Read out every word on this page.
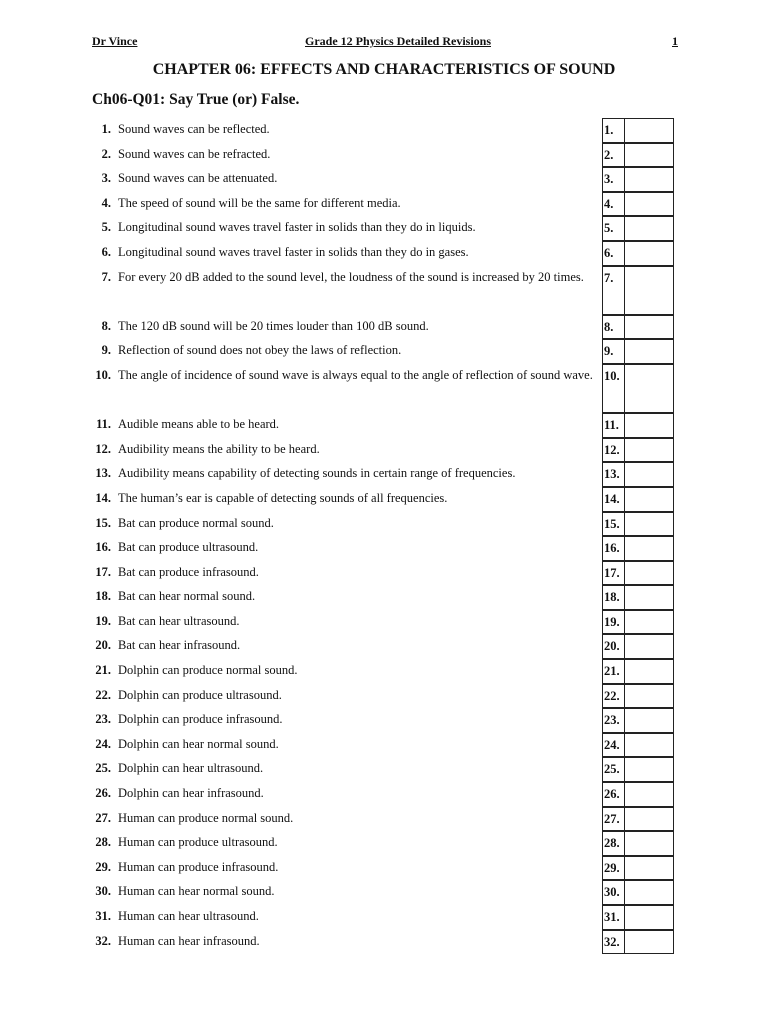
Dr Vince	Grade 12 Physics Detailed Revisions	1
CHAPTER 06: EFFECTS AND CHARACTERISTICS OF SOUND
Ch06-Q01: Say True (or) False.
1. Sound waves can be reflected.	1.
2. Sound waves can be refracted.	2.
3. Sound waves can be attenuated.	3.
4. The speed of sound will be the same for different media.	4.
5. Longitudinal sound waves travel faster in solids than they do in liquids.	5.
6. Longitudinal sound waves travel faster in solids than they do in gases.	6.
7. For every 20 dB added to the sound level, the loudness of the sound is increased by 20 times.	7.
8. The 120 dB sound will be 20 times louder than 100 dB sound.	8.
9. Reflection of sound does not obey the laws of reflection.	9.
10. The angle of incidence of sound wave is always equal to the angle of reflection of sound wave. 10.
11. Audible means able to be heard.	11.
12. Audibility means the ability to be heard.	12.
13. Audibility means capability of detecting sounds in certain range of frequencies.	13.
14. The human’s ear is capable of detecting sounds of all frequencies.	14.
15. Bat can produce normal sound.	15.
16. Bat can produce ultrasound.	16.
17. Bat can produce infrasound.	17.
18. Bat can hear normal sound.	18.
19. Bat can hear ultrasound.	19.
20. Bat can hear infrasound.	20.
21. Dolphin can produce normal sound.	21.
22. Dolphin can produce ultrasound.	22.
23. Dolphin can produce infrasound.	23.
24. Dolphin can hear normal sound.	24.
25. Dolphin can hear ultrasound.	25.
26. Dolphin can hear infrasound.	26.
27. Human can produce normal sound.	27.
28. Human can produce ultrasound.	28.
29. Human can produce infrasound.	29.
30. Human can hear normal sound.	30.
31. Human can hear ultrasound.	31.
32. Human can hear infrasound.	32.
